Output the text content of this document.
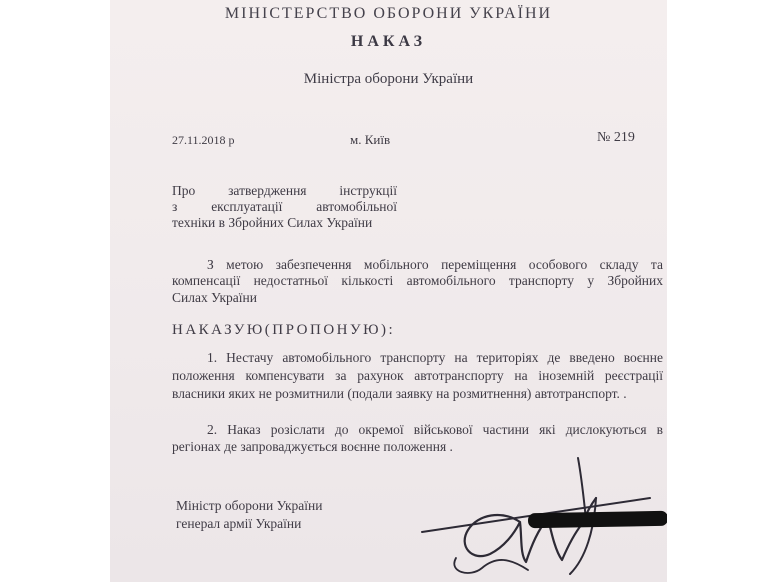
МІНІСТЕРСТВО ОБОРОНИ УКРАЇНИ
НАКАЗ
Міністра оборони України
27.11.2018 р	м. Київ	№ 219
Про затвердження інструкції
з експлуатації автомобільної
техніки в Збройних Силах України
З метою забезпечення мобільного переміщення особового складу та
компенсації недостатньої кількості автомобільного транспорту у Збройних
Силах України
НАКАЗУЮ(ПРОПОНУЮ):
1. Нестачу автомобільного транспорту на територіях де введено воєнне
положення компенсувати за рахунок автотранспорту на іноземній реєстрації
власники яких не розмитнили (подали заявку на розмитнення) автотранспорт. .
2. Наказ розіслати до окремої військової частини які дислокуються в
регіонах де запроваджується воєнне положення .
Міністр оборони України
генерал армії України
